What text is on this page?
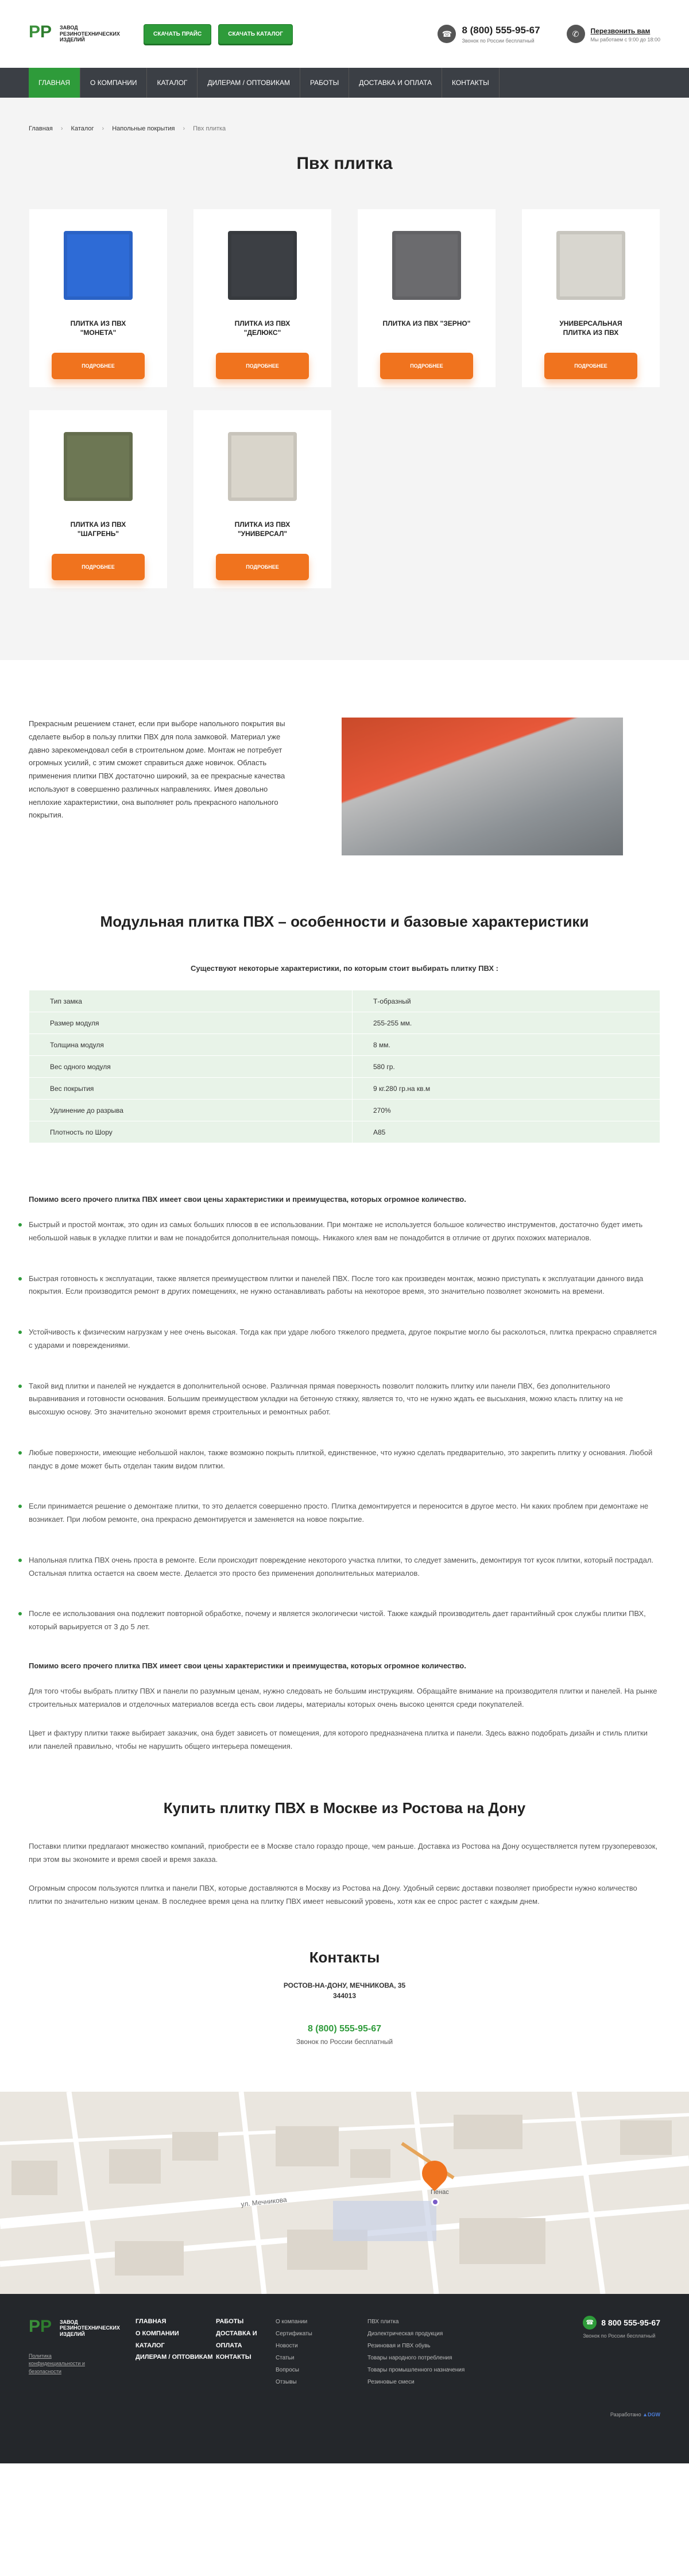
Р Р ЗАВОД РЕЗИНОТЕХНИЧЕСКИХ ИЗДЕЛИЙ
СКАЧАТЬ ПРАЙС	СКАЧАТЬ КАТАЛОГ	☎	8 (800) 555-95-67
Звонок по России бесплатный
✆	Перезвонить вам
Мы работаем с 9:00 до 18:00
ГЛАВНАЯ	О КОМПАНИИ	КАТАЛОГ	ДИЛЕРАМ / ОПТОВИКАМ	РАБОТЫ	ДОСТАВКА И ОПЛАТА	КОНТАКТЫ
Главная › Каталог › Напольные покрытия › Пвх плитка
Пвх плитка
ПЛИТКА ИЗ ПВХ "МОНЕТА"
ПОДРОБНЕЕ
ПЛИТКА ИЗ ПВХ "ДЕЛЮКС"
ПОДРОБНЕЕ
ПЛИТКА ИЗ ПВХ "ЗЕРНО"
ПОДРОБНЕЕ
УНИВЕРСАЛЬНАЯ ПЛИТКА ИЗ ПВХ
ПОДРОБНЕЕ
ПЛИТКА ИЗ ПВХ "ШАГРЕНЬ"
ПОДРОБНЕЕ
ПЛИТКА ИЗ ПВХ "УНИВЕРСАЛ"
ПОДРОБНЕЕ

Прекрасным решением станет, если при выборе напольного покрытия вы сделаете выбор в пользу плитки ПВХ для пола замковой. Материал уже давно зарекомендовал себя в строительном доме. Монтаж не потребует огромных усилий, с этим сможет справиться даже новичок. Область применения плитки ПВХ достаточно широкий, за ее прекрасные качества используют в совершенно различных направлениях. Имея довольно неплохие характеристики, она выполняет роль прекрасного напольного покрытия.

Модульная плитка ПВХ – особенности и базовые характеристики
Существуют некоторые характеристики, по которым стоит выбирать плитку ПВХ :
Тип замка	Т-образный
Размер модуля	255-255 мм.
Толщина модуля	8 мм.
Вес одного модуля	580 гр.
Вес покрытия	9 кг.280 гр.на кв.м
Удлинение до разрыва	270%
Плотность по Шору	А85
Помимо всего прочего плитка ПВХ имеет свои цены характеристики и преимущества, которых огромное количество.

Быстрый и простой монтаж, это один из самых больших плюсов в ее использовании. При монтаже не используется большое количество инструментов, достаточно будет иметь небольшой навык в укладке плитки и вам не понадобится дополнительная помощь. Никакого клея вам не понадобится в отличие от других похожих материалов.

Быстрая готовность к эксплуатации, также является преимуществом плитки и панелей ПВХ. После того как произведен монтаж, можно приступать к эксплуатации данного вида покрытия. Если производится ремонт в других помещениях, не нужно останавливать работы на некоторое время, это значительно позволяет экономить на времени.

Устойчивость к физическим нагрузкам у нее очень высокая. Тогда как при ударе любого тяжелого предмета, другое покрытие могло бы расколоться, плитка прекрасно справляется с ударами и повреждениями.

Такой вид плитки и панелей не нуждается в дополнительной основе. Различная прямая поверхность позволит положить плитку или панели ПВХ, без дополнительного выравнивания и готовности основания. Большим преимуществом укладки на бетонную стяжку, является то, что не нужно ждать ее высыхания, можно класть плитку на не высохшую основу. Это значительно экономит время строительных и ремонтных работ.

Любые поверхности, имеющие небольшой наклон, также возможно покрыть плиткой, единственное, что нужно сделать предварительно, это закрепить плитку у основания. Любой пандус в доме может быть отделан таким видом плитки.

Если принимается решение о демонтаже плитки, то это делается совершенно просто. Плитка демонтируется и переносится в другое место. Ни каких проблем при демонтаже не возникает. При любом ремонте, она прекрасно демонтируется и заменяется на новое покрытие.

Напольная плитка ПВХ очень проста в ремонте. Если происходит повреждение некоторого участка плитки, то следует заменить, демонтируя тот кусок плитки, который пострадал. Остальная плитка остается на своем месте. Делается это просто без применения дополнительных материалов.

После ее использования она подлежит повторной обработке, почему и является экологически чистой. Также каждый производитель дает гарантийный срок службы плитки ПВХ, который варьируется от 3 до 5 лет.

Помимо всего прочего плитка ПВХ имеет свои цены характеристики и преимущества, которых огромное количество.

Для того чтобы выбрать плитку ПВХ и панели по разумным ценам, нужно следовать не большим инструкциям. Обращайте внимание на производителя плитки и панелей. На рынке строительных материалов и отделочных материалов всегда есть свои лидеры, материалы которых очень высоко ценятся среди покупателей.

Цвет и фактуру плитки также выбирает заказчик, она будет зависеть от помещения, для которого предназначена плитка и панели. Здесь важно подобрать дизайн и стиль плитки или панелей правильно, чтобы не нарушить общего интерьера помещения.

Купить плитку ПВХ в Москве из Ростова на Дону

Поставки плитки предлагают множество компаний, приобрести ее в Москве стало гораздо проще, чем раньше. Доставка из Ростова на Дону осуществляется путем грузоперевозок, при этом вы экономите и время своей и время заказа.

Огромным спросом пользуются плитка и панели ПВХ, которые доставляются в Москву из Ростова на Дону. Удобный сервис доставки позволяет приобрести нужно количество плитки по значительно низким ценам. В последнее время цена на плитку ПВХ имеет невысокий уровень, хотя как ее спрос растет с каждым днем.

Контакты
РОСТОВ-НА-ДОНУ, МЕЧНИКОВА, 35
344013
8 (800) 555-95-67
Звонок по России бесплатный
ул. Мечникова
Пенас
Р Р ЗАВОД РЕЗИНОТЕХНИЧЕСКИХ ИЗДЕЛИЙ
Политика конфиденциальности и безопасности
ГЛАВНАЯ
О КОМПАНИИ
КАТАЛОГ
ДИЛЕРАМ / ОПТОВИКАМ
РАБОТЫ
ДОСТАВКА И ОПЛАТА
КОНТАКТЫ
О компании
Сертификаты
Новости
Статьи
Вопросы
Отзывы
ПВХ плитка
Диэлектрическая продукция
Резиновая и ПВХ обувь
Товары народного потребления
Товары промышленного назначения
Резиновые смеси
☎ 8 800 555-95-67
Звонок по России бесплатный
Разработано ▲DGW
